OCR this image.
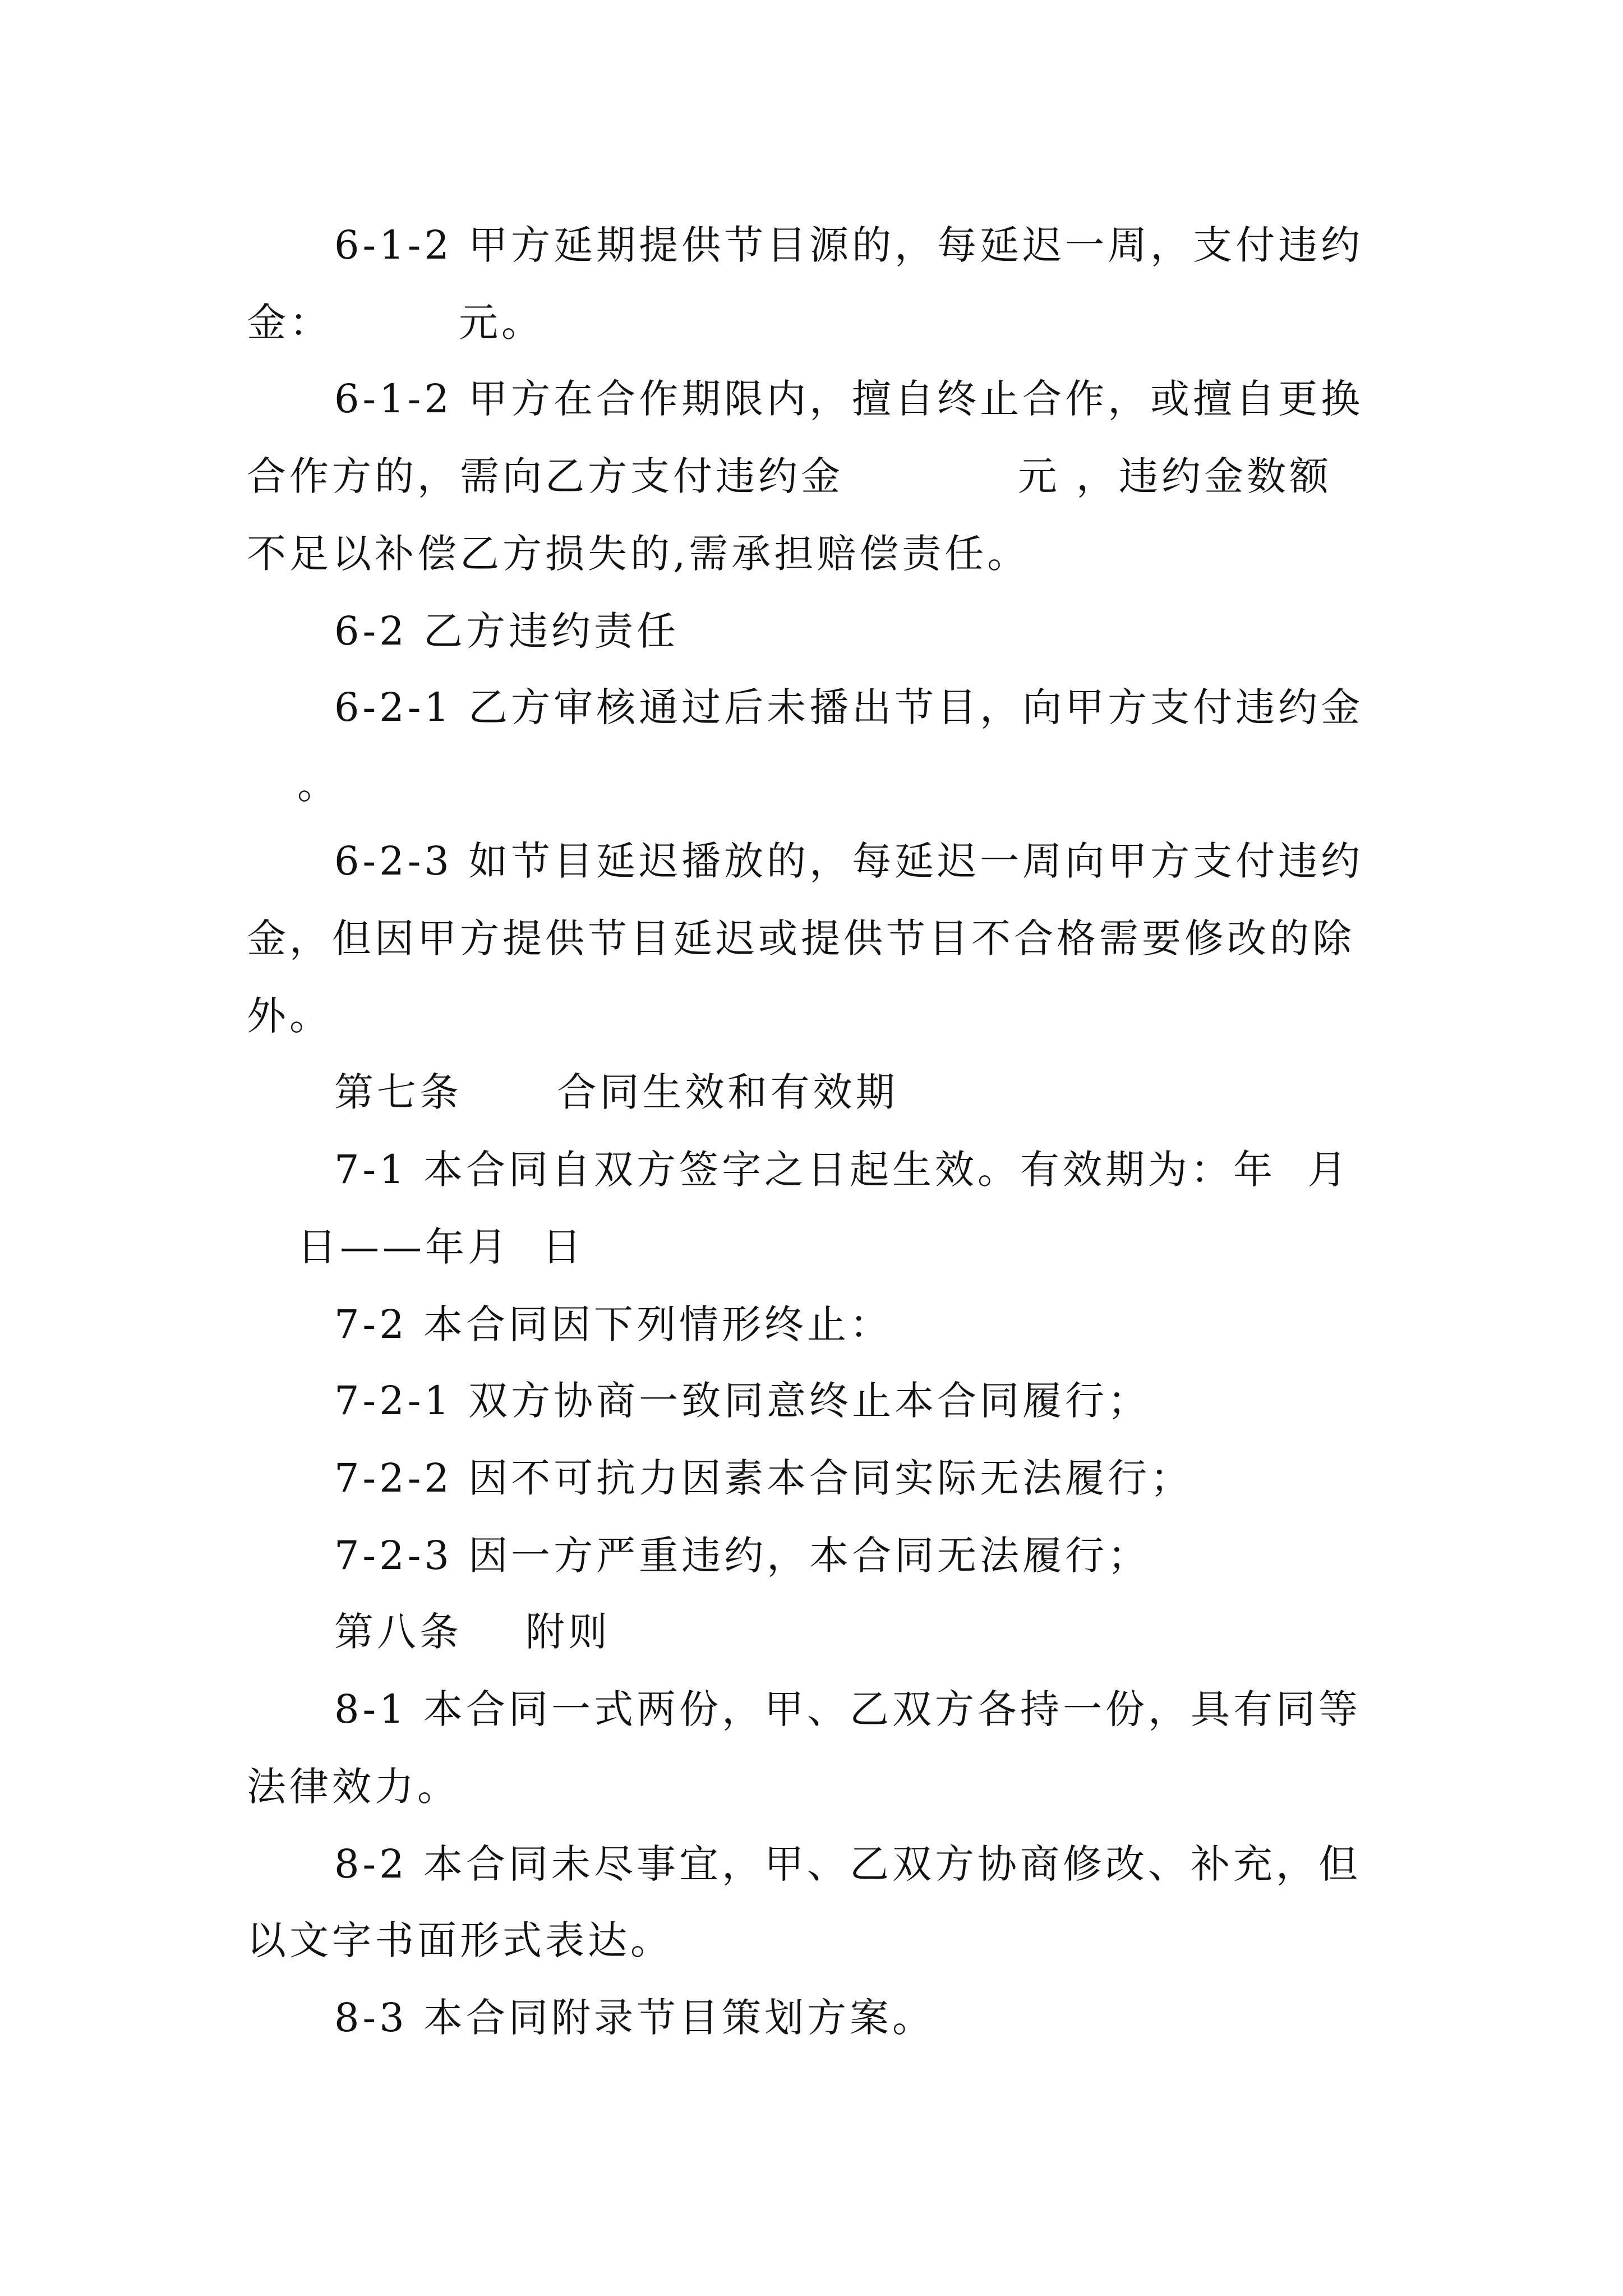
6-1-2 甲方延期提供节目源的，每延迟一周，支付违约
金：        元。
6-1-2 甲方在合作期限内，擅自终止合作，或擅自更换
合作方的，需向乙方支付违约金           元 ，违约金数额
不足以补偿乙方损失的,需承担赔偿责任。
6-2 乙方违约责任
6-2-1 乙方审核通过后未播出节目，向甲方支付违约金
。
6-2-3 如节目延迟播放的，每延迟一周向甲方支付违约
金，但因甲方提供节目延迟或提供节目不合格需要修改的除
外。
第七条      合同生效和有效期
7-1 本合同自双方签字之日起生效。有效期为：年  月
日——年月  日
7-2 本合同因下列情形终止：
7-2-1 双方协商一致同意终止本合同履行；
7-2-2 因不可抗力因素本合同实际无法履行；
7-2-3 因一方严重违约，本合同无法履行；
第八条    附则
8-1 本合同一式两份，甲、乙双方各持一份，具有同等
法律效力。
8-2 本合同未尽事宜，甲、乙双方协商修改、补充，但
以文字书面形式表达。
8-3 本合同附录节目策划方案。
